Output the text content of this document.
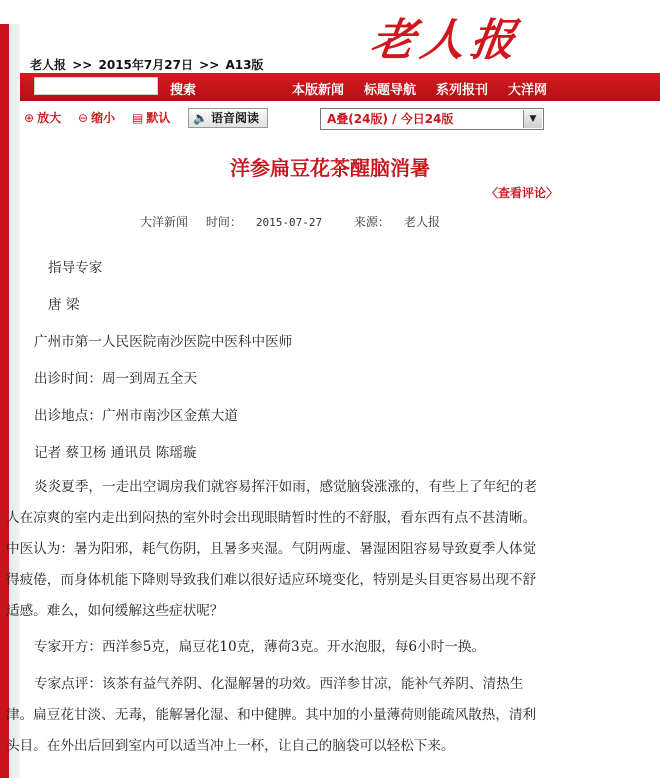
老人报
老人报 >> 2015年7月27日 >> A13版
搜索	本版新闻 标题导航 系列报刊 大洋网
⊕ 放大 ⊖ 缩小 ▤ 默认	🔈 语音阅读	A叠(24版) / 今日24版	▼
洋参扁豆花茶醒脑消暑
〈查看评论〉
大洋新闻 时间： 2015-07-27	来源： 老人报
指导专家
唐 梁
广州市第一人民医院南沙医院中医科中医师
出诊时间：周一到周五全天
出诊地点：广州市南沙区金蕉大道
记者 蔡卫杨 通讯员 陈瑶璇

炎炎夏季，一走出空调房我们就容易挥汗如雨，感觉脑袋涨涨的，有些上了年纪的老人在凉爽的室内走出到闷热的室外时会出现眼睛暂时性的不舒服，看东西有点不甚清晰。中医认为：暑为阳邪，耗气伤阴，且暑多夹湿。气阴两虚、暑湿困阻容易导致夏季人体觉得疲倦，而身体机能下降则导致我们难以很好适应环境变化，特别是头目更容易出现不舒适感。难么，如何缓解这些症状呢？

专家开方：西洋参5克，扁豆花10克，薄荷3克。开水泡服，每6小时一换。

专家点评：该茶有益气养阴、化湿解暑的功效。西洋参甘凉，能补气养阴、清热生津。扁豆花甘淡、无毒，能解暑化湿、和中健脾。其中加的小量薄荷则能疏风散热，清利头目。在外出后回到室内可以适当冲上一杯，让自己的脑袋可以轻松下来。
